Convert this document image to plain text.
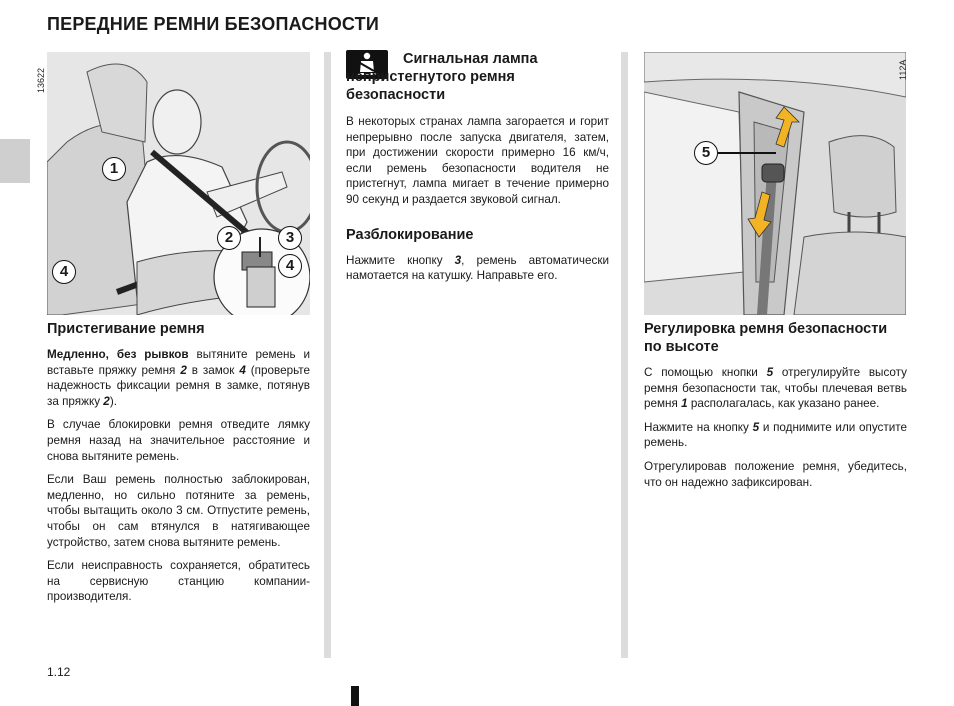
ПЕРЕДНИЕ РЕМНИ БЕЗОПАСНОСТИ
1
2	3
4	4
13622
5
112A
Пристегивание ремня

Медленно, без рывков вытяните ремень и вставьте пряжку ремня 2 в замок 4 (проверьте надежность фиксации ремня в замке, потянув за пряжку 2).

В случае блокировки ремня отведите лямку ремня назад на значительное расстояние и снова вытяните ремень.

Если Ваш ремень полностью заблокирован, медленно, но сильно потяните за ремень, чтобы вытащить около 3 см. Отпустите ремень, чтобы он сам втянулся в натягивающее устройство, затем снова вытяните ремень.

Если неисправность сохраняется, обратитесь на сервисную станцию компании-производителя.

Сигнальная лампа непристегнутого ремня безопасности

В некоторых странах лампа загорается и горит непрерывно после запуска двигателя, затем, при достижении скорости примерно 16 км/ч, если ремень безопасности водителя не пристегнут, лампа мигает в течение примерно 90 секунд и раздается звуковой сигнал.

Разблокирование

Нажмите кнопку 3, ремень автоматически намотается на катушку. Направьте его.

Регулировка ремня безопасности по высоте

С помощью кнопки 5 отрегулируйте высоту ремня безопасности так, чтобы плечевая ветвь ремня 1 располагалась, как указано ранее.

Нажмите на кнопку 5 и поднимите или опустите ремень.

Отрегулировав положение ремня, убедитесь, что он надежно зафиксирован.

1.12
